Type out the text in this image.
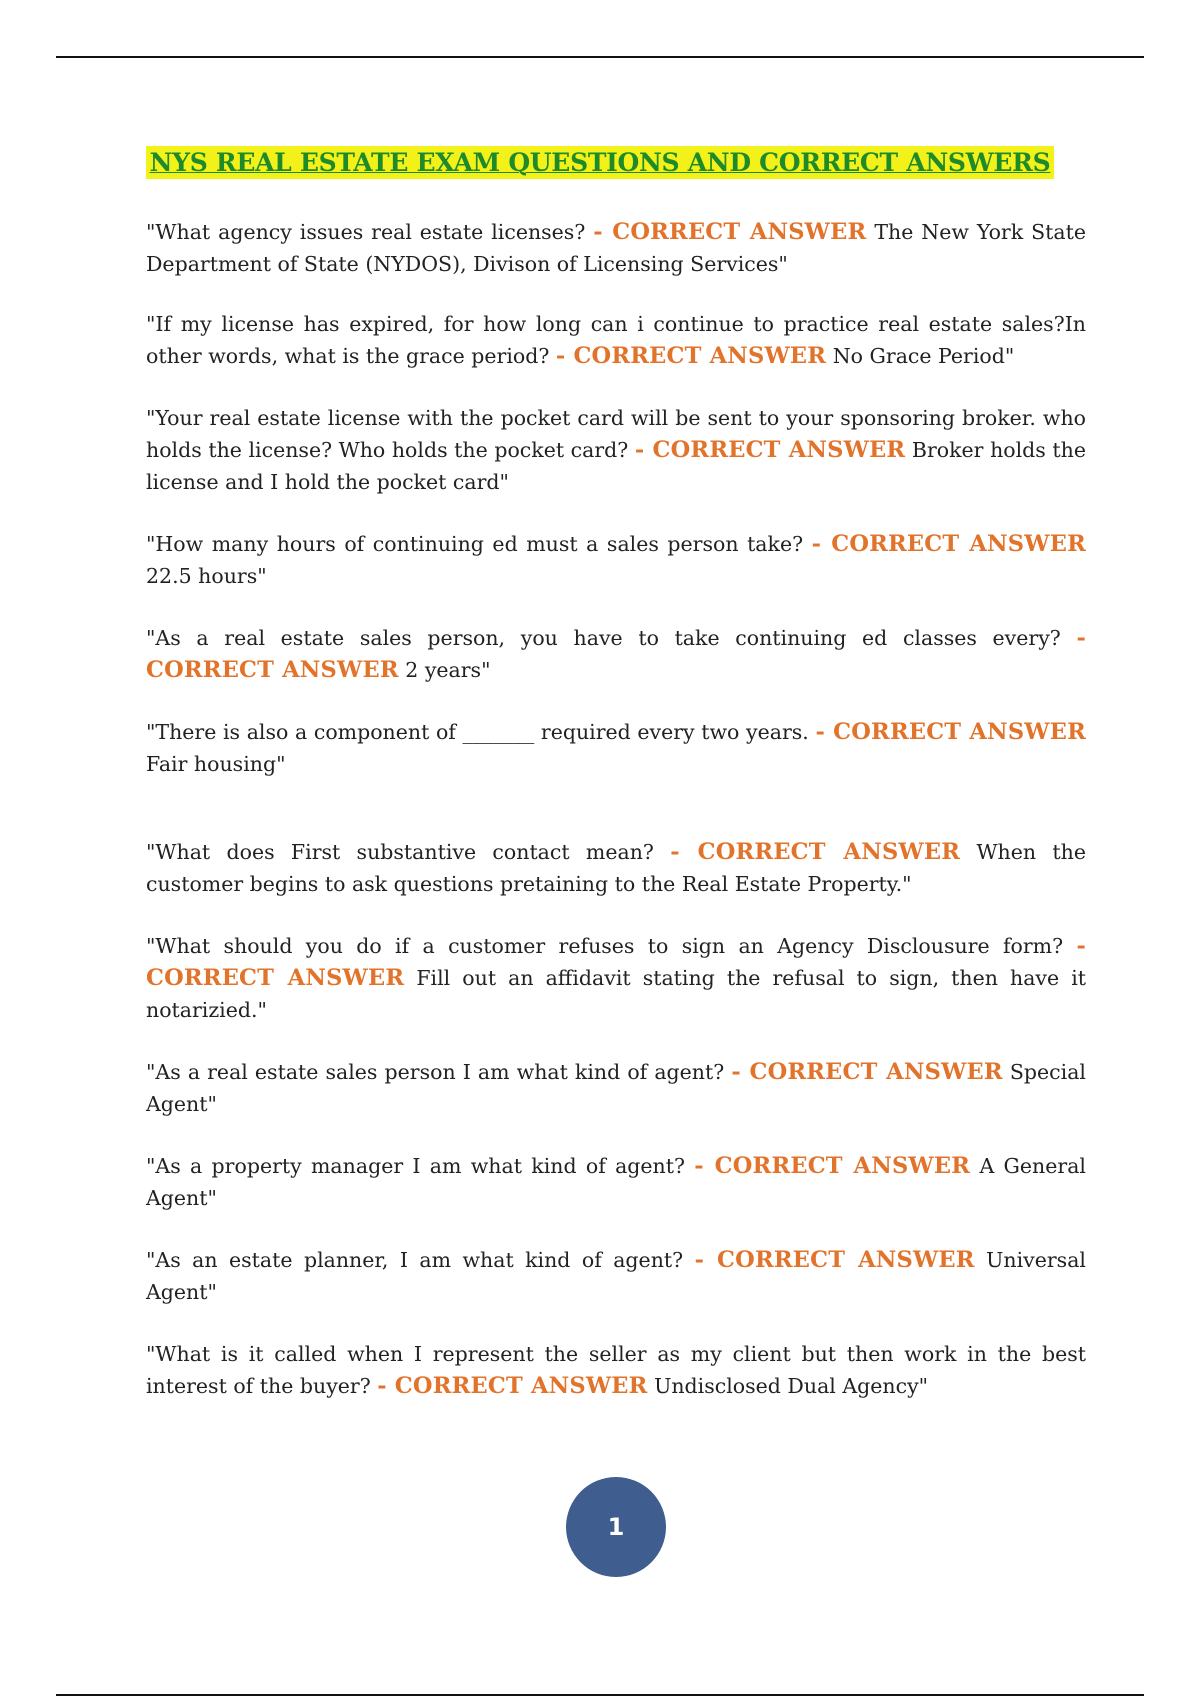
NYS REAL ESTATE EXAM QUESTIONS AND CORRECT ANSWERS

"What agency issues real estate licenses? - CORRECT ANSWER The New York State Department of State (NYDOS), Divison of Licensing Services"

"If my license has expired, for how long can i continue to practice real estate sales?In other words, what is the grace period? - CORRECT ANSWER No Grace Period"

"Your real estate license with the pocket card will be sent to your sponsoring broker. who holds the license? Who holds the pocket card? - CORRECT ANSWER Broker holds the license and I hold the pocket card"

"How many hours of continuing ed must a sales person take? - CORRECT ANSWER 22.5 hours"

"As a real estate sales person, you have to take continuing ed classes every? - CORRECT ANSWER 2 years"

"There is also a component of _______ required every two years. - CORRECT ANSWER Fair housing"

"What does First substantive contact mean? - CORRECT ANSWER When the customer begins to ask questions pretaining to the Real Estate Property."

"What should you do if a customer refuses to sign an Agency Disclousure form? - CORRECT ANSWER Fill out an affidavit stating the refusal to sign, then have it notarizied."

"As a real estate sales person I am what kind of agent? - CORRECT ANSWER Special Agent"

"As a property manager I am what kind of agent? - CORRECT ANSWER A General Agent"

"As an estate planner, I am what kind of agent? - CORRECT ANSWER Universal Agent"

"What is it called when I represent the seller as my client but then work in the best interest of the buyer? - CORRECT ANSWER Undisclosed Dual Agency"

1
